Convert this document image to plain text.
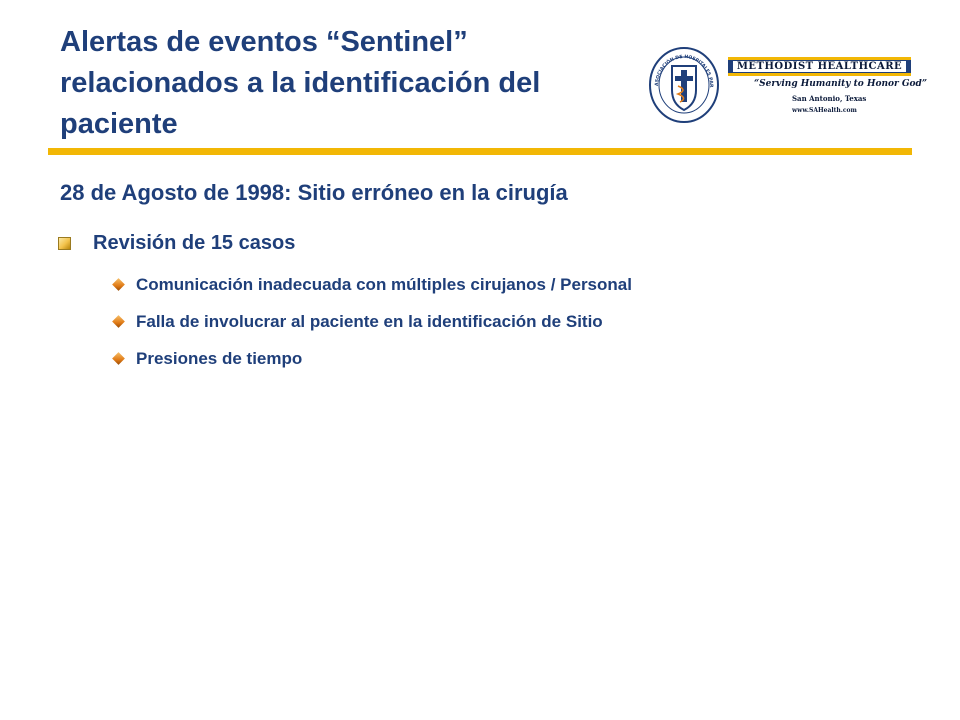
Alertas de eventos “Sentinel”
relacionados a la identificación del
paciente
ASOCIACIÓN DE HOSPITALES PAR
METHODIST HEALTHCARE
“Serving Humanity to Honor God”
San Antonio, Texas
www.SAHealth.com
28 de Agosto de 1998: Sitio erróneo en la cirugía
Revisión de 15 casos
Comunicación inadecuada con múltiples cirujanos / Personal
Falla de involucrar al paciente en la identificación de Sitio
Presiones de tiempo
